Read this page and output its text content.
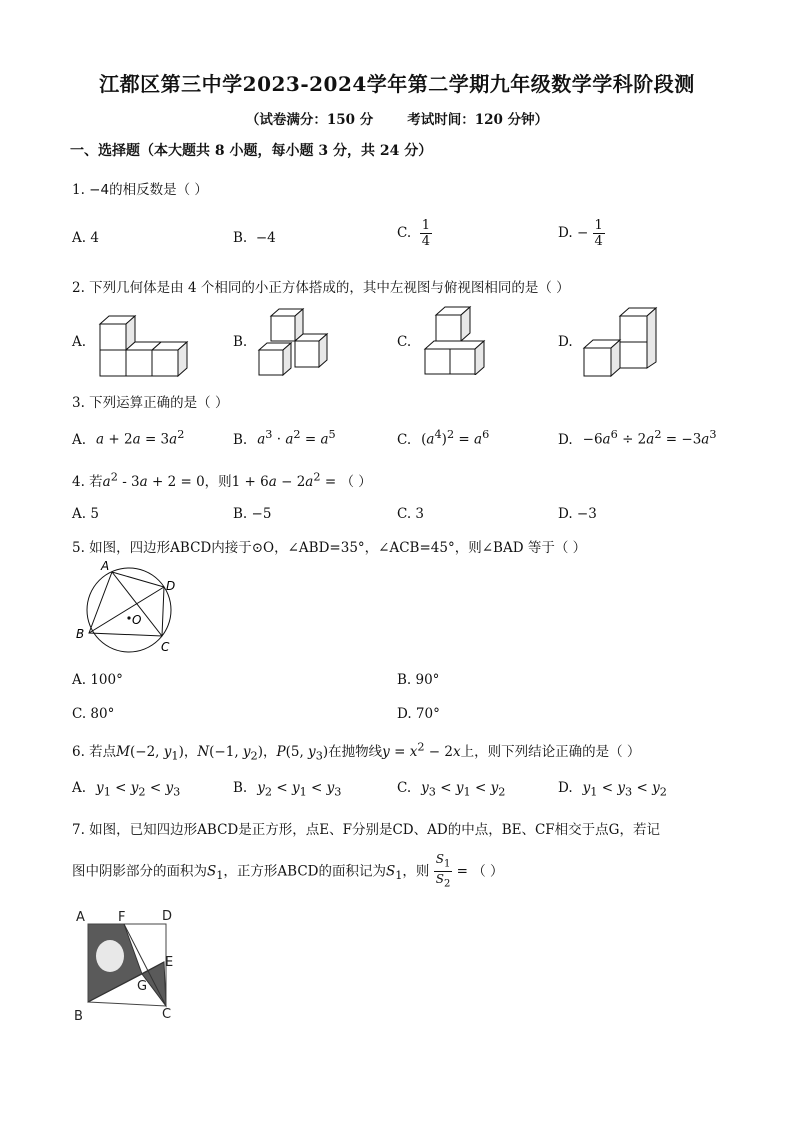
江都区第三中学2023-2024学年第二学期九年级数学学科阶段测
（试卷满分：150 分	考试时间：120 分钟）
一、选择题（本大题共 8 小题，每小题 3 分，共 24 分）
1. −4的相反数是（ ）
A. 4	B. −4	C. $\frac{1}{4}$	D. − $\frac{1}{4}$
2. 下列几何体是由 4 个相同的小正方体搭成的，其中左视图与俯视图相同的是（ ）
A.	B.	C.	D.
3. 下列运算正确的是（ ）
A. $a + 2a = 3a^2$	B. $a^3 \cdot a^2 = a^5$	C. $(a^4)^2 = a^6$	D. $-6a^6 \div 2a^2 = -3a^3$
4. 若$a^2 - 3a + 2 = 0$，则$1 + 6a - 2a^2$ = （ ）
A. 5	B. −5	C. 3	D. −3
5. 如图，四边形ABCD内接于⊙O，∠ABD=35°，∠ACB=45°，则∠BAD 等于（ ）
A
D
B
C
O
A. 100°	B. 90°
C. 80°	D. 70°
6. 若点M(−2, $y_1$)，N(−1, $y_2$)，P(5, $y_3$)在抛物线$y = x^2 - 2x$上，则下列结论正确的是（ ）
A. $y_1 < y_2 < y_3$	B. $y_2 < y_1 < y_3$	C. $y_3 < y_1 < y_2$	D. $y_1 < y_3 < y_2$
7. 如图，已知四边形ABCD是正方形，点E、F分别是CD、AD的中点，BE、CF相交于点G，若记
图中阴影部分的面积为$S_1$，正方形ABCD的面积记为$S_1$，则 $\frac{S_1}{S_2}$ = （ ）
A	F	D
E
G
B	C
